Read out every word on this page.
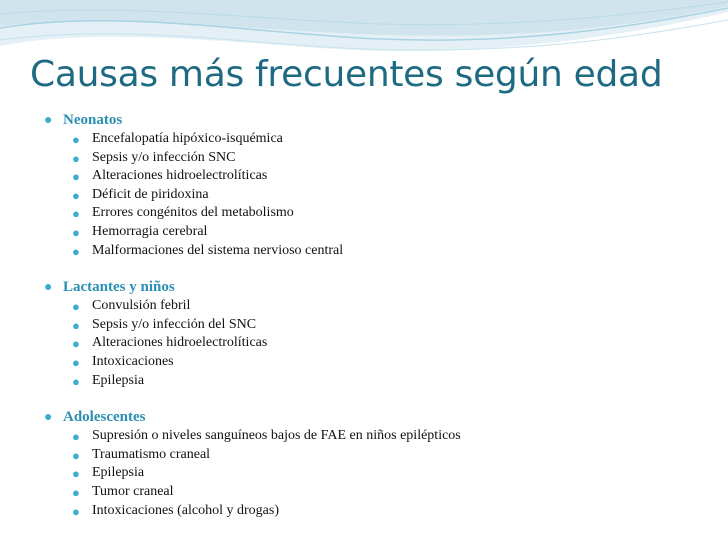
Causas más frecuentes según edad
● Neonatos
● Encefalopatía hipóxico-isquémica
● Sepsis y/o infección SNC
● Alteraciones hidroelectrolíticas
● Déficit de piridoxina
● Errores congénitos del metabolismo
● Hemorragia cerebral
● Malformaciones del sistema nervioso central
● Lactantes y niños
● Convulsión febril
● Sepsis y/o infección del SNC
● Alteraciones hidroelectrolíticas
● Intoxicaciones
● Epilepsia
● Adolescentes
● Supresión o niveles sanguíneos bajos de FAE en niños epilépticos
● Traumatismo craneal
● Epilepsia
● Tumor craneal
● Intoxicaciones (alcohol y drogas)
